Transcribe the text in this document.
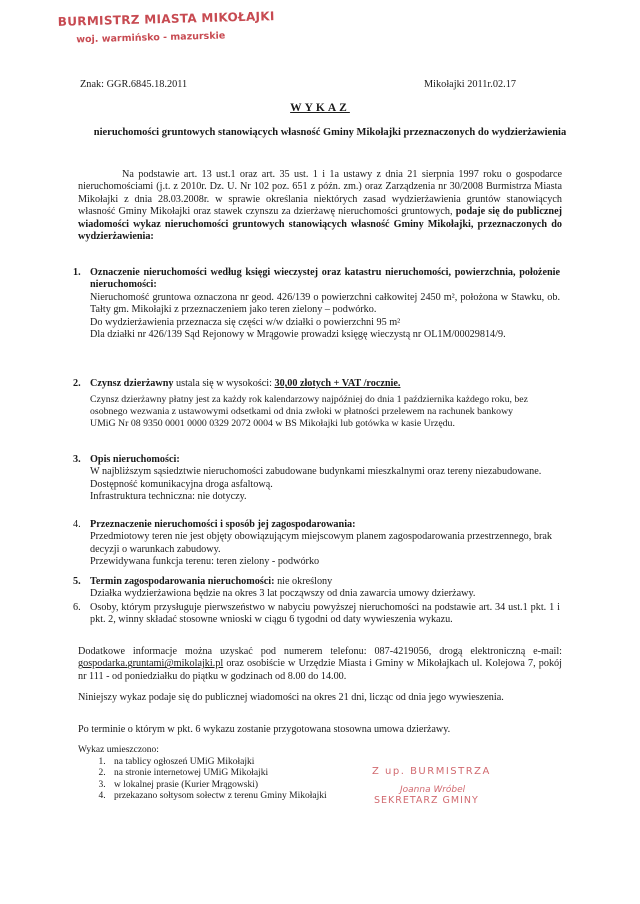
BURMISTRZ MIASTA MIKOŁAJKI
woj. warmińsko - mazurskie
Znak: GGR.6845.18.2011	Mikołajki 2011r.02.17
WYKAZ
nieruchomości gruntowych stanowiących własność Gminy Mikołajki przeznaczonych do wydzierżawienia
Na podstawie art. 13 ust.1 oraz art. 35 ust. 1 i 1a ustawy z dnia 21 sierpnia 1997 roku o gospodarce nieruchomościami (j.t. z 2010r. Dz. U. Nr 102 poz. 651 z późn. zm.) oraz Zarządzenia nr 30/2008 Burmistrza Miasta Mikołajki z dnia 28.03.2008r. w sprawie określania niektórych zasad wydzierżawienia gruntów stanowiących własność Gminy Mikołajki oraz stawek czynszu za dzierżawę nieruchomości gruntowych, podaje się do publicznej wiadomości wykaz nieruchomości gruntowych stanowiących własność Gminy Mikołajki, przeznaczonych do wydzierżawienia:
1. Oznaczenie nieruchomości według księgi wieczystej oraz katastru nieruchomości, powierzchnia, położenie nieruchomości:
Nieruchomość gruntowa oznaczona nr geod. 426/139 o powierzchni całkowitej 2450 m², położona w Stawku, ob. Tałty gm. Mikołajki z przeznaczeniem jako teren zielony – podwórko.
Do wydzierżawienia przeznacza się części w/w działki o powierzchni 95 m²
Dla działki nr 426/139 Sąd Rejonowy w Mrągowie prowadzi księgę wieczystą nr OL1M/00029814/9.
2. Czynsz dzierżawny ustala się w wysokości: 30,00 złotych + VAT /rocznie.
Czynsz dzierżawny płatny jest za każdy rok kalendarzowy najpóźniej do dnia 1 października każdego roku, bez osobnego wezwania z ustawowymi odsetkami od dnia zwłoki w płatności przelewem na rachunek bankowy UMiG Nr 08 9350 0001 0000 0329 2072 0004 w BS Mikołajki lub gotówka w kasie Urzędu.
3. Opis nieruchomości:
W najbliższym sąsiedztwie nieruchomości zabudowane budynkami mieszkalnymi oraz tereny niezabudowane.
Dostępność komunikacyjna droga asfaltową.
Infrastruktura techniczna: nie dotyczy.
4. Przeznaczenie nieruchomości i sposób jej zagospodarowania:
Przedmiotowy teren nie jest objęty obowiązującym miejscowym planem zagospodarowania przestrzennego, brak decyzji o warunkach zabudowy.
Przewidywana funkcja terenu: teren zielony - podwórko
5. Termin zagospodarowania nieruchomości: nie określony
Działka wydzierżawiona będzie na okres 3 lat począwszy od dnia zawarcia umowy dzierżawy.
6. Osoby, którym przysługuje pierwszeństwo w nabyciu powyższej nieruchomości na podstawie art. 34 ust.1 pkt. 1 i pkt. 2, winny składać stosowne wnioski w ciągu 6 tygodni od daty wywieszenia wykazu.
Dodatkowe informacje można uzyskać pod numerem telefonu: 087-4219056, drogą elektroniczną e-mail: gospodarka.gruntami@mikolajki.pl oraz osobiście w Urzędzie Miasta i Gminy w Mikołajkach ul. Kolejowa 7, pokój nr 111 - od poniedziałku do piątku w godzinach od 8.00 do 14.00.
Niniejszy wykaz podaje się do publicznej wiadomości na okres 21 dni, licząc od dnia jego wywieszenia.
Po terminie o którym w pkt. 6 wykazu zostanie przygotowana stosowna umowa dzierżawy.
Wykaz umieszczono:
1. na tablicy ogłoszeń UMiG Mikołajki
2. na stronie internetowej UMiG Mikołajki
3. w lokalnej prasie (Kurier Mrągowski)
4. przekazano sołtysom sołectw z terenu Gminy Mikołajki
Z up. BURMISTRZA
Joanna Wróbel
SEKRETARZ GMINY
